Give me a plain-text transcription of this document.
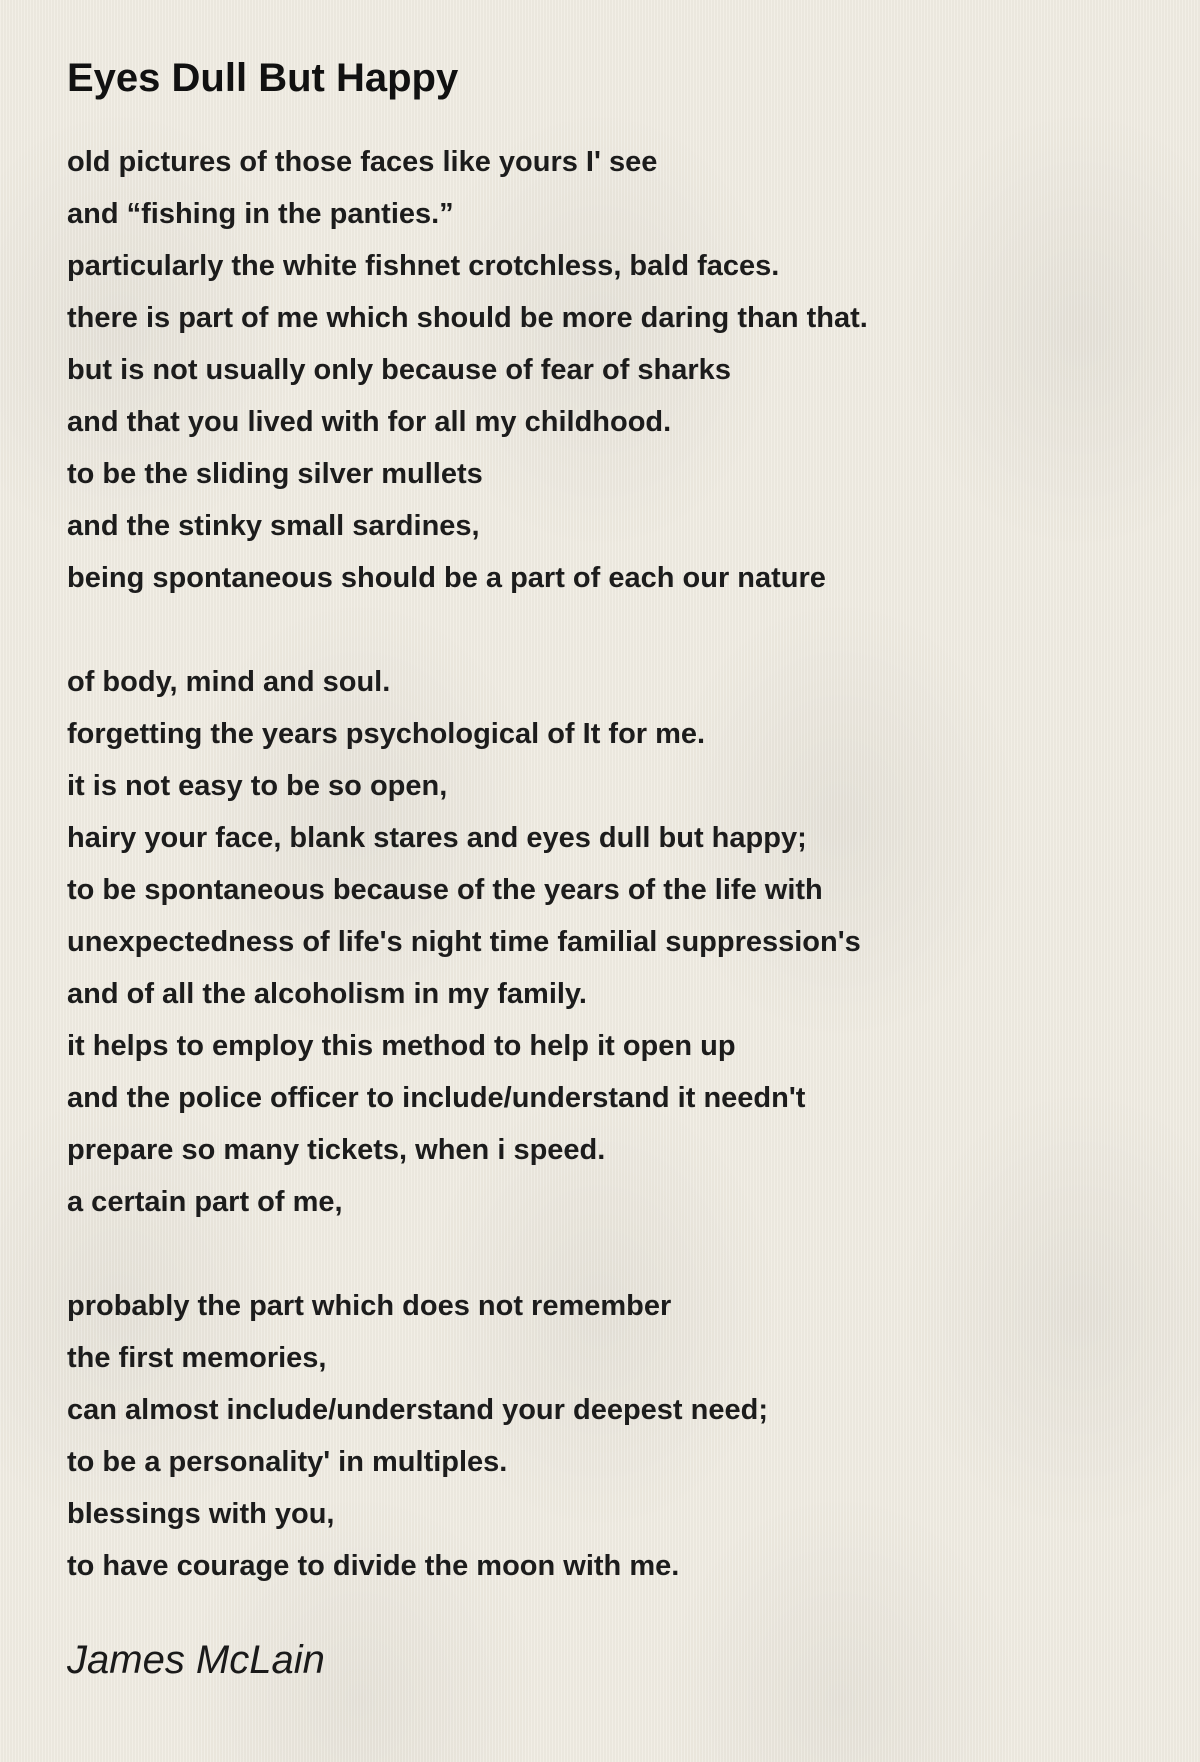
Eyes Dull But Happy
old pictures of those faces like yours I' see
and “fishing in the panties.”
particularly the white fishnet crotchless, bald faces.
there is part of me which should be more daring than that.
but is not usually only because of fear of sharks
and that you lived with for all my childhood.
to be the sliding silver mullets
and the stinky small sardines,
being spontaneous should be a part of each our nature
of body, mind and soul.
forgetting the years psychological of It for me.
it is not easy to be so open,
hairy your face, blank stares and eyes dull but happy;
to be spontaneous because of the years of the life with
unexpectedness of life's night time familial suppression's
and of all the alcoholism in my family.
it helps to employ this method to help it open up
and the police officer to include/understand it needn't
prepare so many tickets, when i speed.
a certain part of me,
probably the part which does not remember
the first memories,
can almost include/understand your deepest need;
to be a personality' in multiples.
blessings with you,
to have courage to divide the moon with me.
James McLain
